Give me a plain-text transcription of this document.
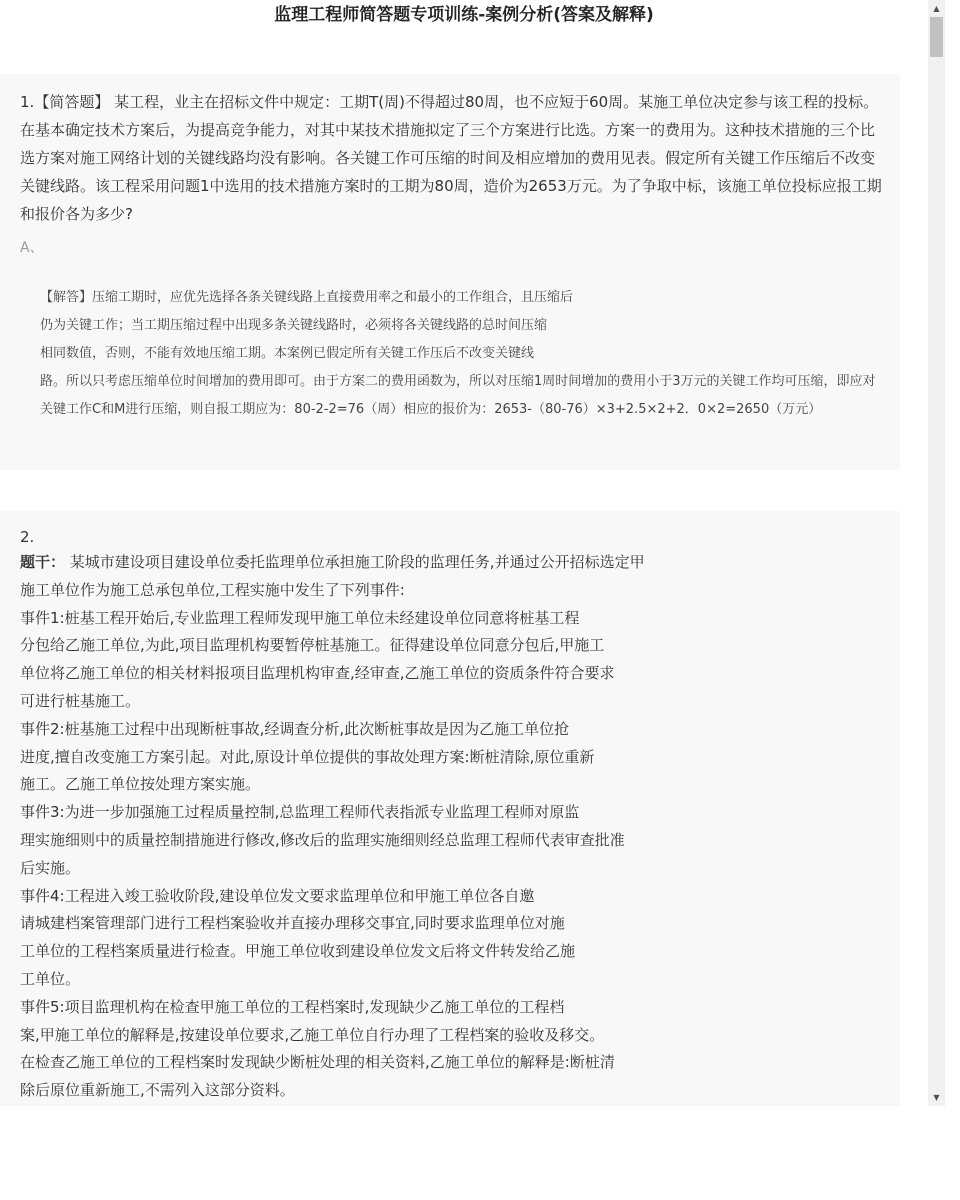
监理工程师简答题专项训练-案例分析(答案及解释)

1.【简答题】 某工程，业主在招标文件中规定：工期T(周)不得超过80周，也不应短于60周。某施工单位决定参与该工程的投标。在基本确定技术方案后，为提高竞争能力，对其中某技术措施拟定了三个方案进行比选。方案一的费用为。这种技术措施的三个比选方案对施工网络计划的关键线路均没有影响。各关键工作可压缩的时间及相应增加的费用见表。假定所有关键工作压缩后不改变关键线路。该工程采用问题1中选用的技术措施方案时的工期为80周，造价为2653万元。为了争取中标，该施工单位投标应报工期和报价各为多少?

A、
【解答】压缩工期时，应优先选择各条关键线路上直接费用率之和最小的工作组合，且压缩后
仍为关键工作；当工期压缩过程中出现多条关键线路时，必须将各关键线路的总时间压缩
相同数值，否则，不能有效地压缩工期。本案例已假定所有关键工作压后不改变关键线
路。所以只考虑压缩单位时间增加的费用即可。由于方案二的费用函数为，所以对压缩1周时间增加的费用小于3万元的关键工作均可压缩，即应对关键工作C和M进行压缩，则自报工期应为：80-2-2=76（周）相应的报价为：2653-（80-76）×3+2.5×2+2．0×2=2650（万元）
2.
题干： 某城市建设项目建设单位委托监理单位承担施工阶段的监理任务,并通过公开招标选定甲
施工单位作为施工总承包单位,工程实施中发生了下列事件:
事件1:桩基工程开始后,专业监理工程师发现甲施工单位未经建设单位同意将桩基工程
分包给乙施工单位,为此,项目监理机构要暂停桩基施工。征得建设单位同意分包后,甲施工
单位将乙施工单位的相关材料报项目监理机构审查,经审查,乙施工单位的资质条件符合要求
可进行桩基施工。
事件2:桩基施工过程中出现断桩事故,经调查分析,此次断桩事故是因为乙施工单位抢
进度,擅自改变施工方案引起。对此,原设计单位提供的事故处理方案:断桩清除,原位重新
施工。乙施工单位按处理方案实施。
事件3:为进一步加强施工过程质量控制,总监理工程师代表指派专业监理工程师对原监
理实施细则中的质量控制措施进行修改,修改后的监理实施细则经总监理工程师代表审查批准
后实施。
事件4:工程进入竣工验收阶段,建设单位发文要求监理单位和甲施工单位各自邀
请城建档案管理部门进行工程档案验收并直接办理移交事宜,同时要求监理单位对施
工单位的工程档案质量进行检查。甲施工单位收到建设单位发文后将文件转发给乙施
工单位。
事件5:项目监理机构在检查甲施工单位的工程档案时,发现缺少乙施工单位的工程档
案,甲施工单位的解释是,按建设单位要求,乙施工单位自行办理了工程档案的验收及移交。
在检查乙施工单位的工程档案时发现缺少断桩处理的相关资料,乙施工单位的解释是:断桩清
除后原位重新施工,不需列入这部分资料。
▲
▼
